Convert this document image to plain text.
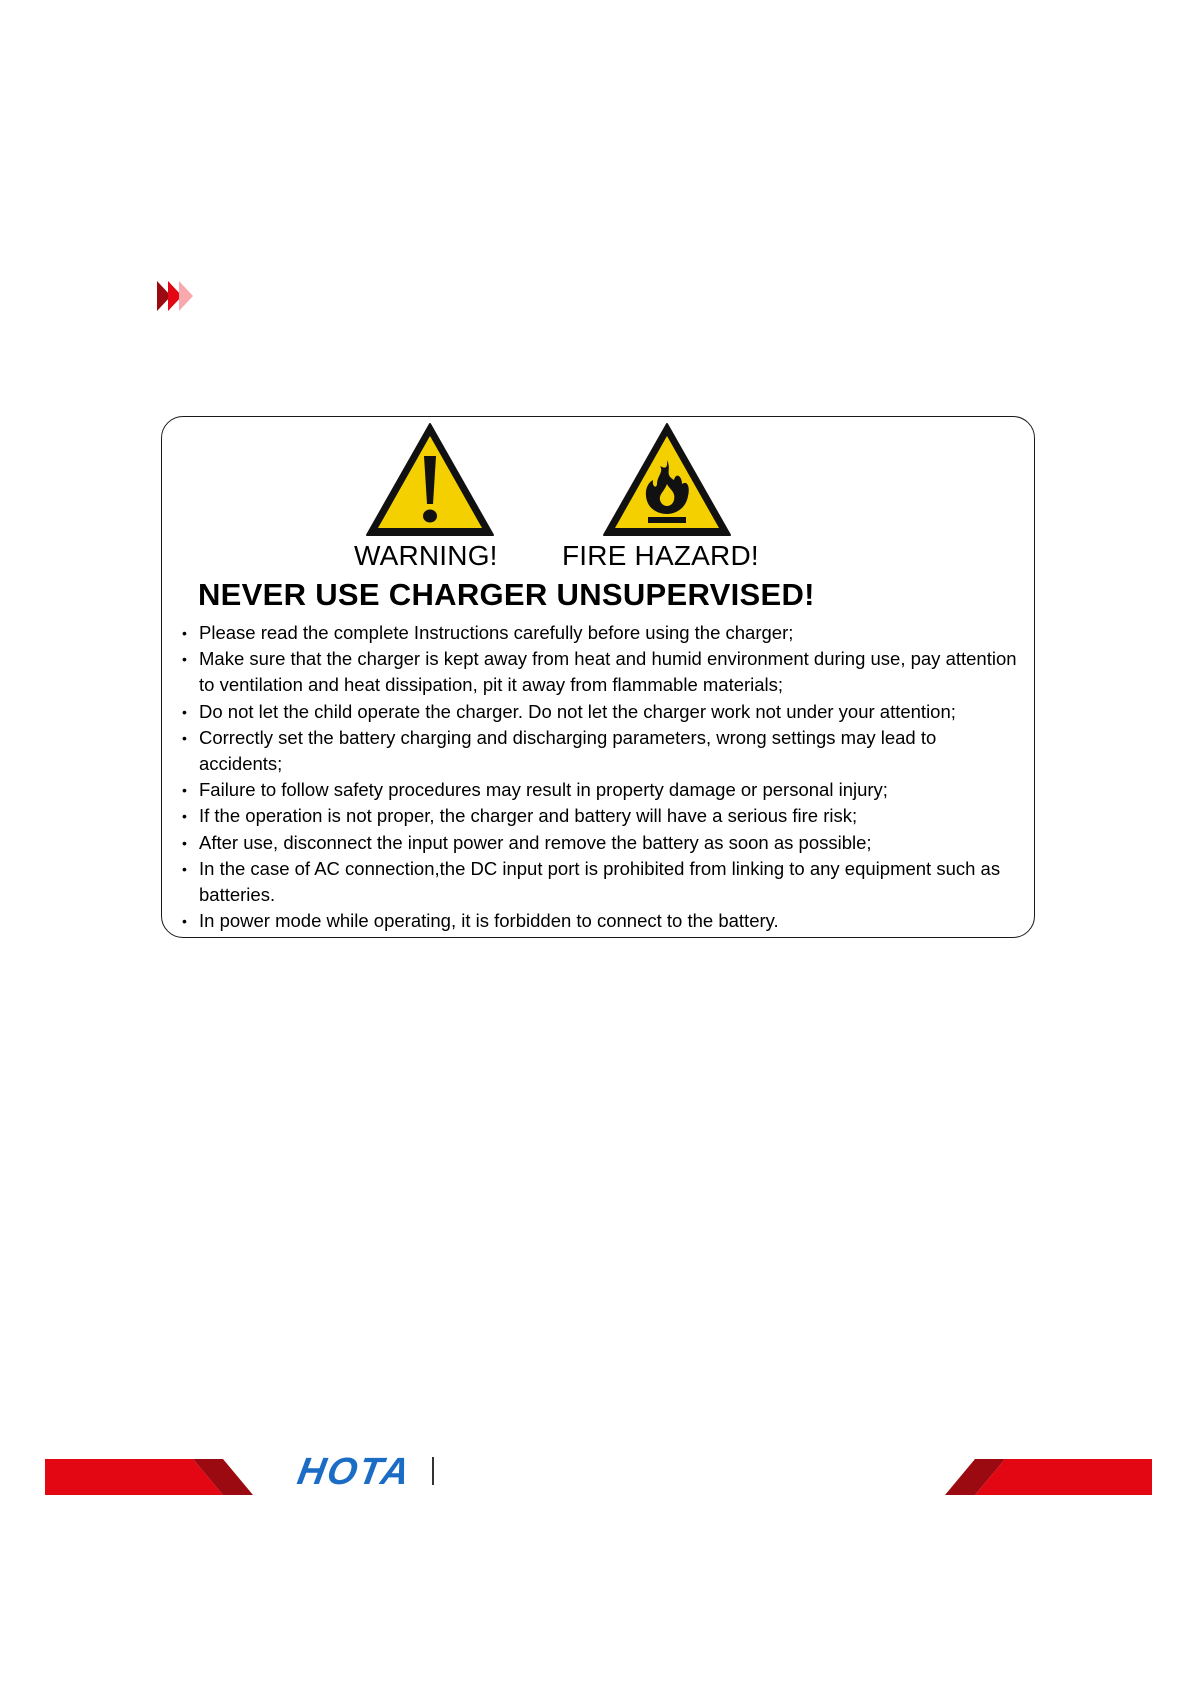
WARNING! FIRE HAZARD!
NEVER USE CHARGER UNSUPERVISED!
• Please read the complete Instructions carefully before using the charger;
• Make sure that the charger is kept away from heat and humid environment during use, pay attention to ventilation and heat dissipation, pit it away from flammable materials;
• Do not let the child operate the charger. Do not let the charger work not under your attention;
• Correctly set the battery charging and discharging parameters, wrong settings may lead to accidents;
• Failure to follow safety procedures may result in property damage or personal injury;
• If the operation is not proper, the charger and battery will have a serious fire risk;
• After use, disconnect the input power and remove the battery as soon as possible;
• In the case of AC connection,the DC input port is prohibited from linking to any equipment such as batteries.
• In power mode while operating, it is forbidden to connect to the battery.
HOTA
